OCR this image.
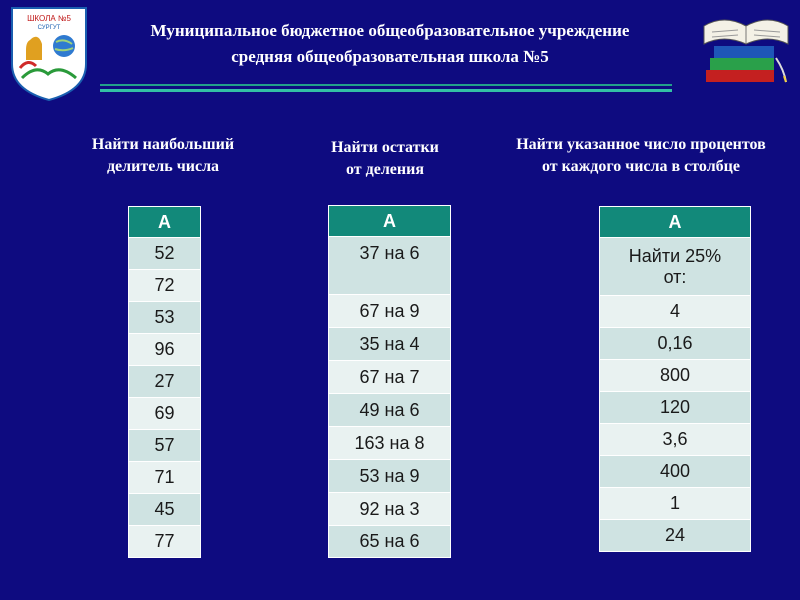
ШКОЛА №5
СУРГУТ	Муниципальное бюджетное общеобразовательное учреждение
средняя общеобразовательная школа №5
Найти наибольший
делитель числа
Найти остатки
от деления
Найти указанное число процентов
от каждого числа в столбце
А
52
72
53
96
27
69
57
71
45
77
А
37 на 6
67 на 9
35 на 4
67 на 7
49 на 6
163 на 8
53 на 9
92 на 3
65 на 6
А

Найти 25%
от:

4
0,16
800
120
3,6
400
1
24
